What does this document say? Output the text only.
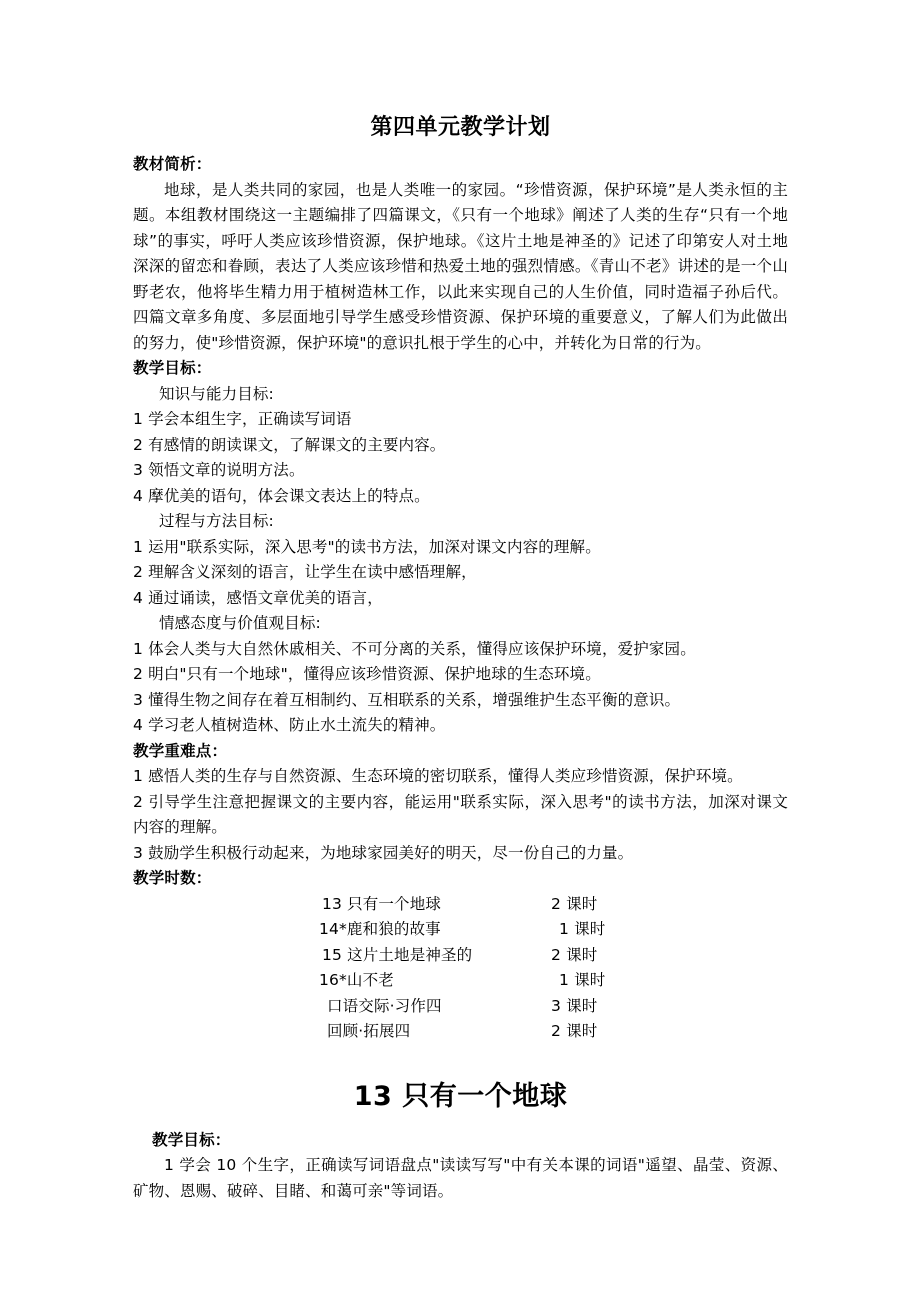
第四单元教学计划
教材简析：

地球，是人类共同的家园，也是人类唯一的家园。“珍惜资源，保护环境”是人类永恒的主题。本组教材围绕这一主题编排了四篇课文，《只有一个地球》阐述了人类的生存“只有一个地球”的事实，呼吁人类应该珍惜资源，保护地球。《这片土地是神圣的》记述了印第安人对土地深深的留恋和眷顾，表达了人类应该珍惜和热爱土地的强烈情感。《青山不老》讲述的是一个山野老农，他将毕生精力用于植树造林工作，以此来实现自己的人生价值，同时造福子孙后代。四篇文章多角度、多层面地引导学生感受珍惜资源、保护环境的重要意义，了解人们为此做出的努力，使"珍惜资源，保护环境"的意识扎根于学生的心中，并转化为日常的行为。

教学目标：
知识与能力目标:
1 学会本组生字，正确读写词语
2 有感情的朗读课文，了解课文的主要内容。
3 领悟文章的说明方法。
4 摩优美的语句，体会课文表达上的特点。
过程与方法目标:
1 运用"联系实际，深入思考"的读书方法，加深对课文内容的理解。
2 理解含义深刻的语言，让学生在读中感悟理解，
4 通过诵读，感悟文章优美的语言，
情感态度与价值观目标:
1 体会人类与大自然休戚相关、不可分离的关系，懂得应该保护环境，爱护家园。
2 明白"只有一个地球"，懂得应该珍惜资源、保护地球的生态环境。
3 懂得生物之间存在着互相制约、互相联系的关系，增强维护生态平衡的意识。
4 学习老人植树造林、防止水土流失的精神。
教学重难点：

1 感悟人类的生存与自然资源、生态环境的密切联系，懂得人类应珍惜资源，保护环境。

2 引导学生注意把握课文的主要内容，能运用"联系实际，深入思考"的读书方法，加深对课文内容的理解。

3 鼓励学生积极行动起来，为地球家园美好的明天，尽一份自己的力量。

教学时数：
13 只有一个地球	2 课时
14*鹿和狼的故事	1 课时
15 这片土地是神圣的	2 课时
16*山不老	1 课时
口语交际·习作四	3 课时
回顾·拓展四	2 课时
13 只有一个地球
教学目标：

1 学会 10 个生字，正确读写词语盘点"读读写写"中有关本课的词语"遥望、晶莹、资源、矿物、恩赐、破碎、目睹、和蔼可亲"等词语。
